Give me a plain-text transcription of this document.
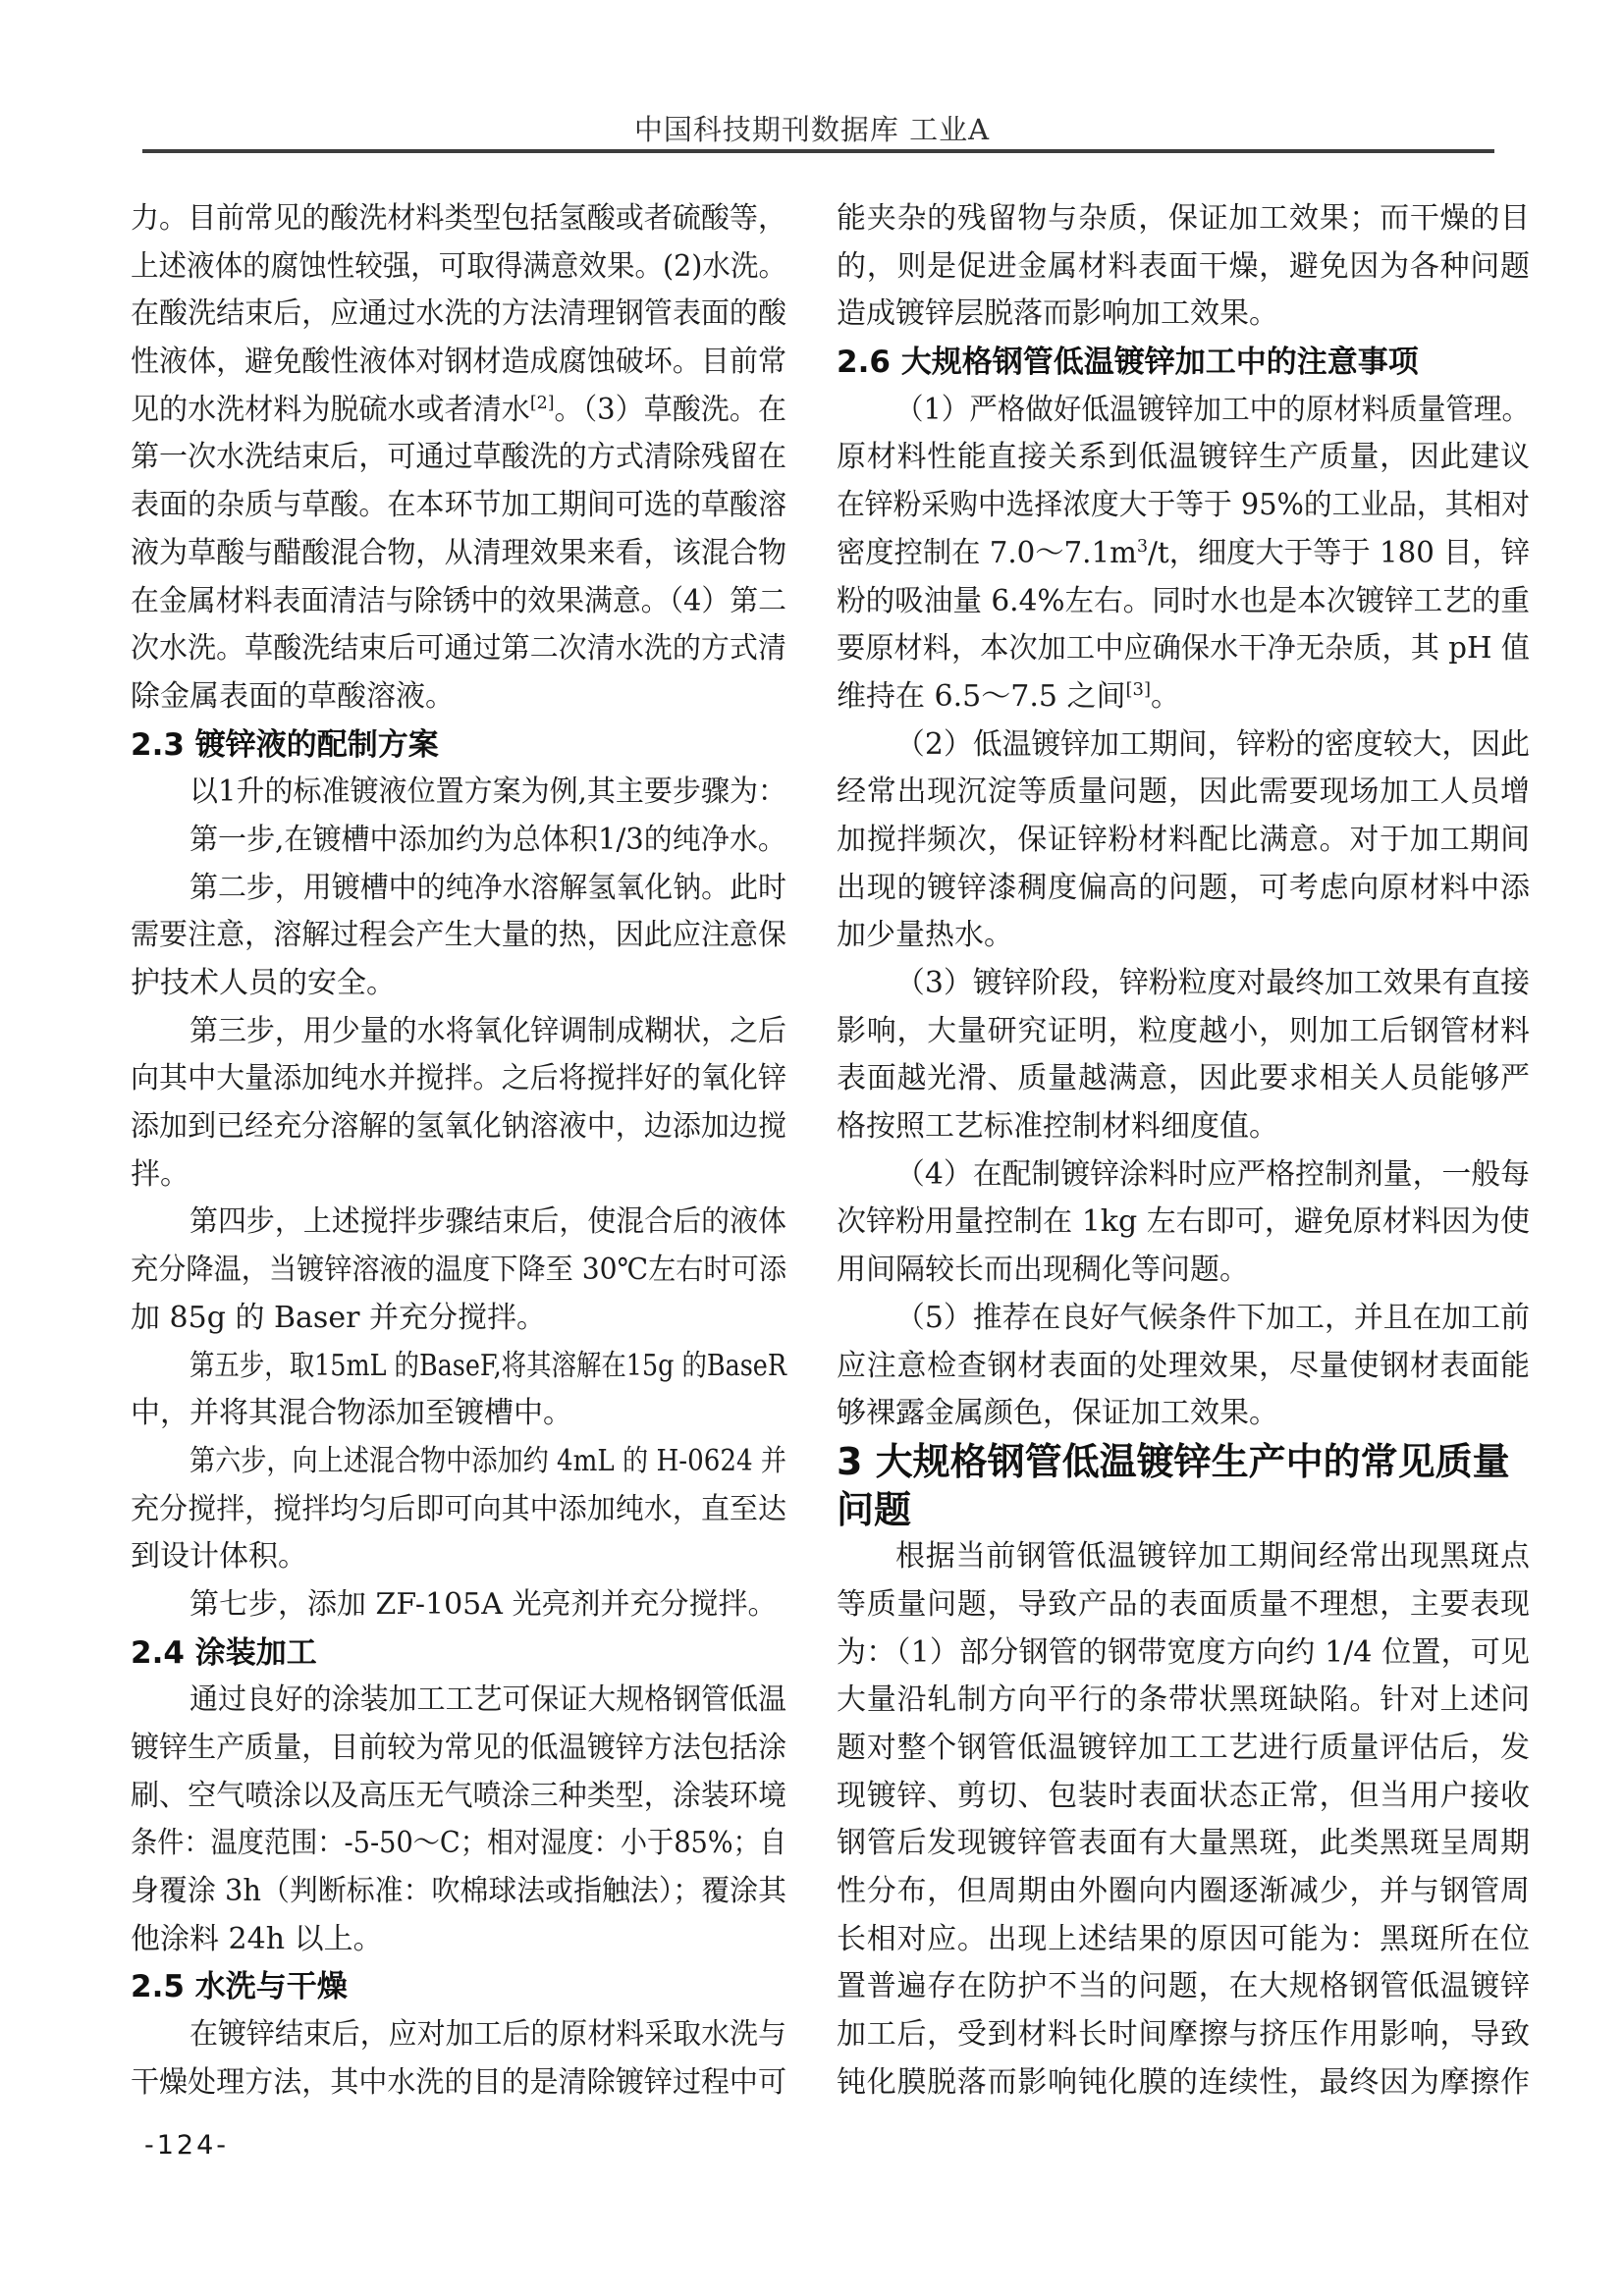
中国科技期刊数据库 工业A
力。目前常见的酸洗材料类型包括氢酸或者硫酸等，
上述液体的腐蚀性较强，可取得满意效果。(2)水洗。
在酸洗结束后，应通过水洗的方法清理钢管表面的酸
性液体，避免酸性液体对钢材造成腐蚀破坏。目前常
见的水洗材料为脱硫水或者清水[2]。（3）草酸洗。在
第一次水洗结束后，可通过草酸洗的方式清除残留在
表面的杂质与草酸。在本环节加工期间可选的草酸溶
液为草酸与醋酸混合物，从清理效果来看，该混合物
在金属材料表面清洁与除锈中的效果满意。（4）第二
次水洗。草酸洗结束后可通过第二次清水洗的方式清
除金属表面的草酸溶液。
2.3 镀锌液的配制方案
以1升的标准镀液位置方案为例,其主要步骤为：
第一步,在镀槽中添加约为总体积1/3的纯净水。
第二步，用镀槽中的纯净水溶解氢氧化钠。此时
需要注意，溶解过程会产生大量的热，因此应注意保
护技术人员的安全。
第三步，用少量的水将氧化锌调制成糊状，之后
向其中大量添加纯水并搅拌。之后将搅拌好的氧化锌
添加到已经充分溶解的氢氧化钠溶液中，边添加边搅
拌。
第四步，上述搅拌步骤结束后，使混合后的液体
充分降温，当镀锌溶液的温度下降至 30℃左右时可添
加 85g 的 Baser 并充分搅拌。
第五步，取15mL 的BaseF,将其溶解在15g 的BaseR
中，并将其混合物添加至镀槽中。
第六步，向上述混合物中添加约 4mL 的 H-0624 并
充分搅拌，搅拌均匀后即可向其中添加纯水，直至达
到设计体积。
第七步，添加 ZF-105A 光亮剂并充分搅拌。
2.4 涂装加工
通过良好的涂装加工工艺可保证大规格钢管低温
镀锌生产质量，目前较为常见的低温镀锌方法包括涂
刷、空气喷涂以及高压无气喷涂三种类型，涂装环境
条件：温度范围：-5-50～C；相对湿度：小于85%；自
身覆涂 3h（判断标准：吹棉球法或指触法）；覆涂其
他涂料 24h 以上。
2.5 水洗与干燥
在镀锌结束后，应对加工后的原材料采取水洗与
干燥处理方法，其中水洗的目的是清除镀锌过程中可
能夹杂的残留物与杂质，保证加工效果；而干燥的目
的，则是促进金属材料表面干燥，避免因为各种问题
造成镀锌层脱落而影响加工效果。
2.6 大规格钢管低温镀锌加工中的注意事项
（1）严格做好低温镀锌加工中的原材料质量管理。
原材料性能直接关系到低温镀锌生产质量，因此建议
在锌粉采购中选择浓度大于等于 95%的工业品，其相对
密度控制在 $7.0\sim 7.1m^3/t$，细度大于等于 180 目，锌
粉的吸油量 6.4%左右。同时水也是本次镀锌工艺的重
要原材料，本次加工中应确保水干净无杂质，其 pH 值
维持在 6.5～7.5 之间[3]。
（2）低温镀锌加工期间，锌粉的密度较大，因此
经常出现沉淀等质量问题，因此需要现场加工人员增
加搅拌频次，保证锌粉材料配比满意。对于加工期间
出现的镀锌漆稠度偏高的问题，可考虑向原材料中添
加少量热水。
（3）镀锌阶段，锌粉粒度对最终加工效果有直接
影响，大量研究证明，粒度越小，则加工后钢管材料
表面越光滑、质量越满意，因此要求相关人员能够严
格按照工艺标准控制材料细度值。
（4）在配制镀锌涂料时应严格控制剂量，一般每
次锌粉用量控制在 1kg 左右即可，避免原材料因为使
用间隔较长而出现稠化等问题。
（5）推荐在良好气候条件下加工，并且在加工前
应注意检查钢材表面的处理效果，尽量使钢材表面能
够裸露金属颜色，保证加工效果。
3 大规格钢管低温镀锌生产中的常见质量
问题
根据当前钢管低温镀锌加工期间经常出现黑斑点
等质量问题，导致产品的表面质量不理想，主要表现
为：（1）部分钢管的钢带宽度方向约 1/4 位置，可见
大量沿轧制方向平行的条带状黑斑缺陷。针对上述问
题对整个钢管低温镀锌加工工艺进行质量评估后，发
现镀锌、剪切、包装时表面状态正常，但当用户接收
钢管后发现镀锌管表面有大量黑斑，此类黑斑呈周期
性分布，但周期由外圈向内圈逐渐减少，并与钢管周
长相对应。出现上述结果的原因可能为：黑斑所在位
置普遍存在防护不当的问题，在大规格钢管低温镀锌
加工后，受到材料长时间摩擦与挤压作用影响，导致
钝化膜脱落而影响钝化膜的连续性，最终因为摩擦作
-124-
